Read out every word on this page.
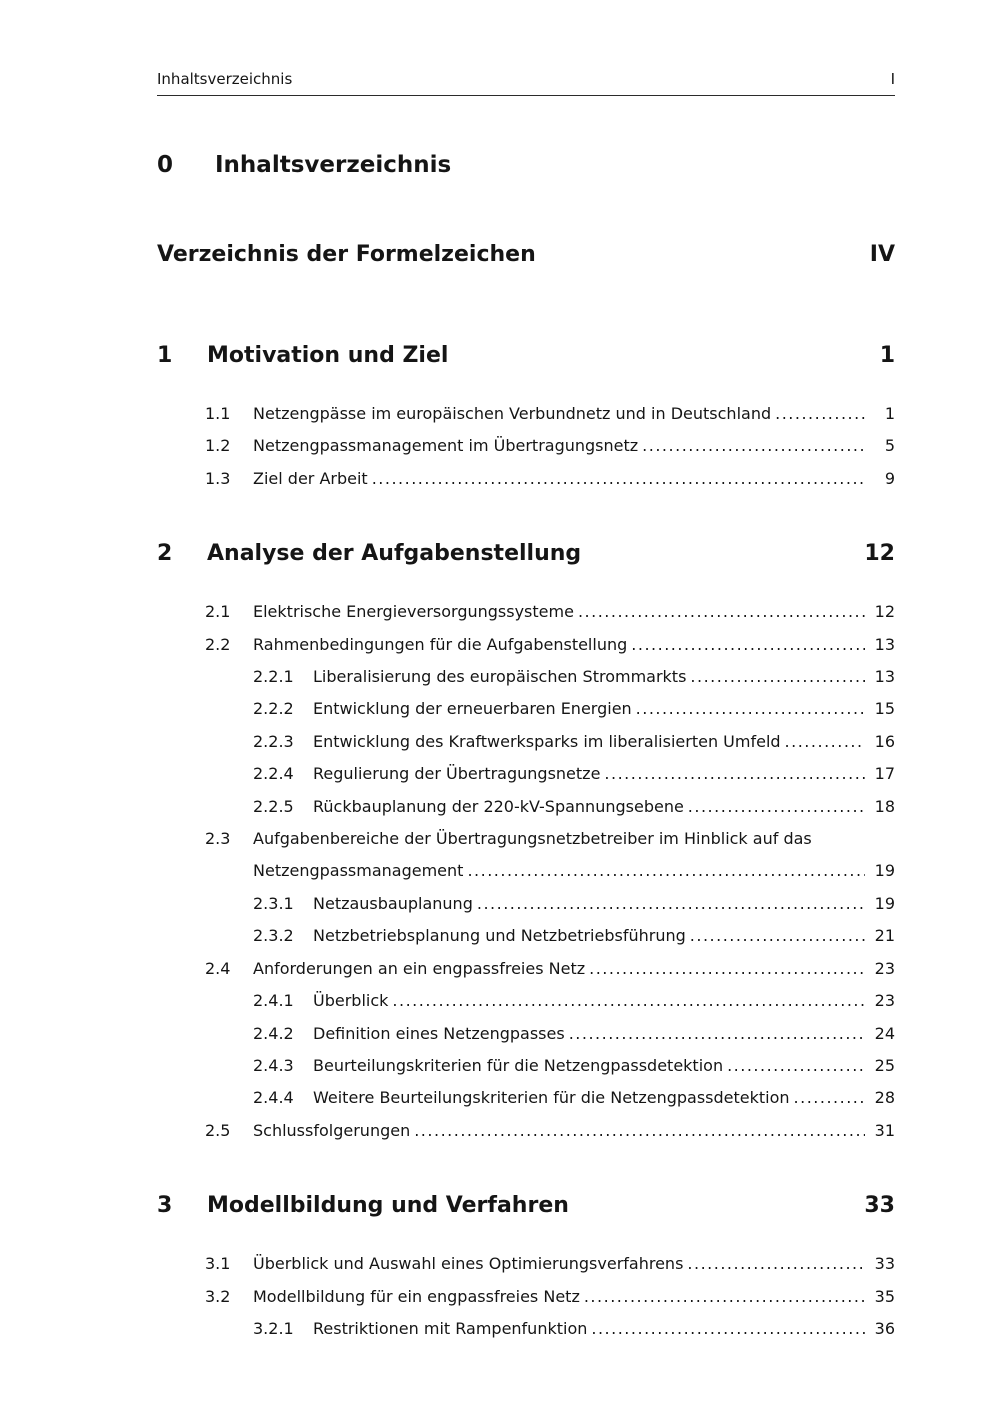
Inhaltsverzeichnis	I
0	Inhaltsverzeichnis
Verzeichnis der Formelzeichen	IV
1	Motivation und Ziel	1
1.1	Netzengpässe im europäischen Verbundnetz und in Deutschland .....	1
1.2	Netzengpassmanagement im Übertragungsnetz .....	5
1.3	Ziel der Arbeit .....	9
2	Analyse der Aufgabenstellung	12
2.1	Elektrische Energieversorgungssysteme .....	12
2.2	Rahmenbedingungen für die Aufgabenstellung .....	13
2.2.1	Liberalisierung des europäischen Strommarkts .....	13
2.2.2	Entwicklung der erneuerbaren Energien .....	15
2.2.3	Entwicklung des Kraftwerksparks im liberalisierten Umfeld .....	16
2.2.4	Regulierung der Übertragungsnetze .....	17
2.2.5	Rückbauplanung der 220-kV-Spannungsebene .....	18
2.3	Aufgabenbereiche der Übertragungsnetzbetreiber im Hinblick auf das
Netzengpassmanagement .....	19
2.3.1	Netzausbauplanung .....	19
2.3.2	Netzbetriebsplanung und Netzbetriebsführung .....	21
2.4	Anforderungen an ein engpassfreies Netz .....	23
2.4.1	Überblick .....	23
2.4.2	Definition eines Netzengpasses .....	24
2.4.3	Beurteilungskriterien für die Netzengpassdetektion .....	25
2.4.4	Weitere Beurteilungskriterien für die Netzengpassdetektion .....	28
2.5	Schlussfolgerungen .....	31
3	Modellbildung und Verfahren	33
3.1	Überblick und Auswahl eines Optimierungsverfahrens .....	33
3.2	Modellbildung für ein engpassfreies Netz .....	35
3.2.1	Restriktionen mit Rampenfunktion .....	36
